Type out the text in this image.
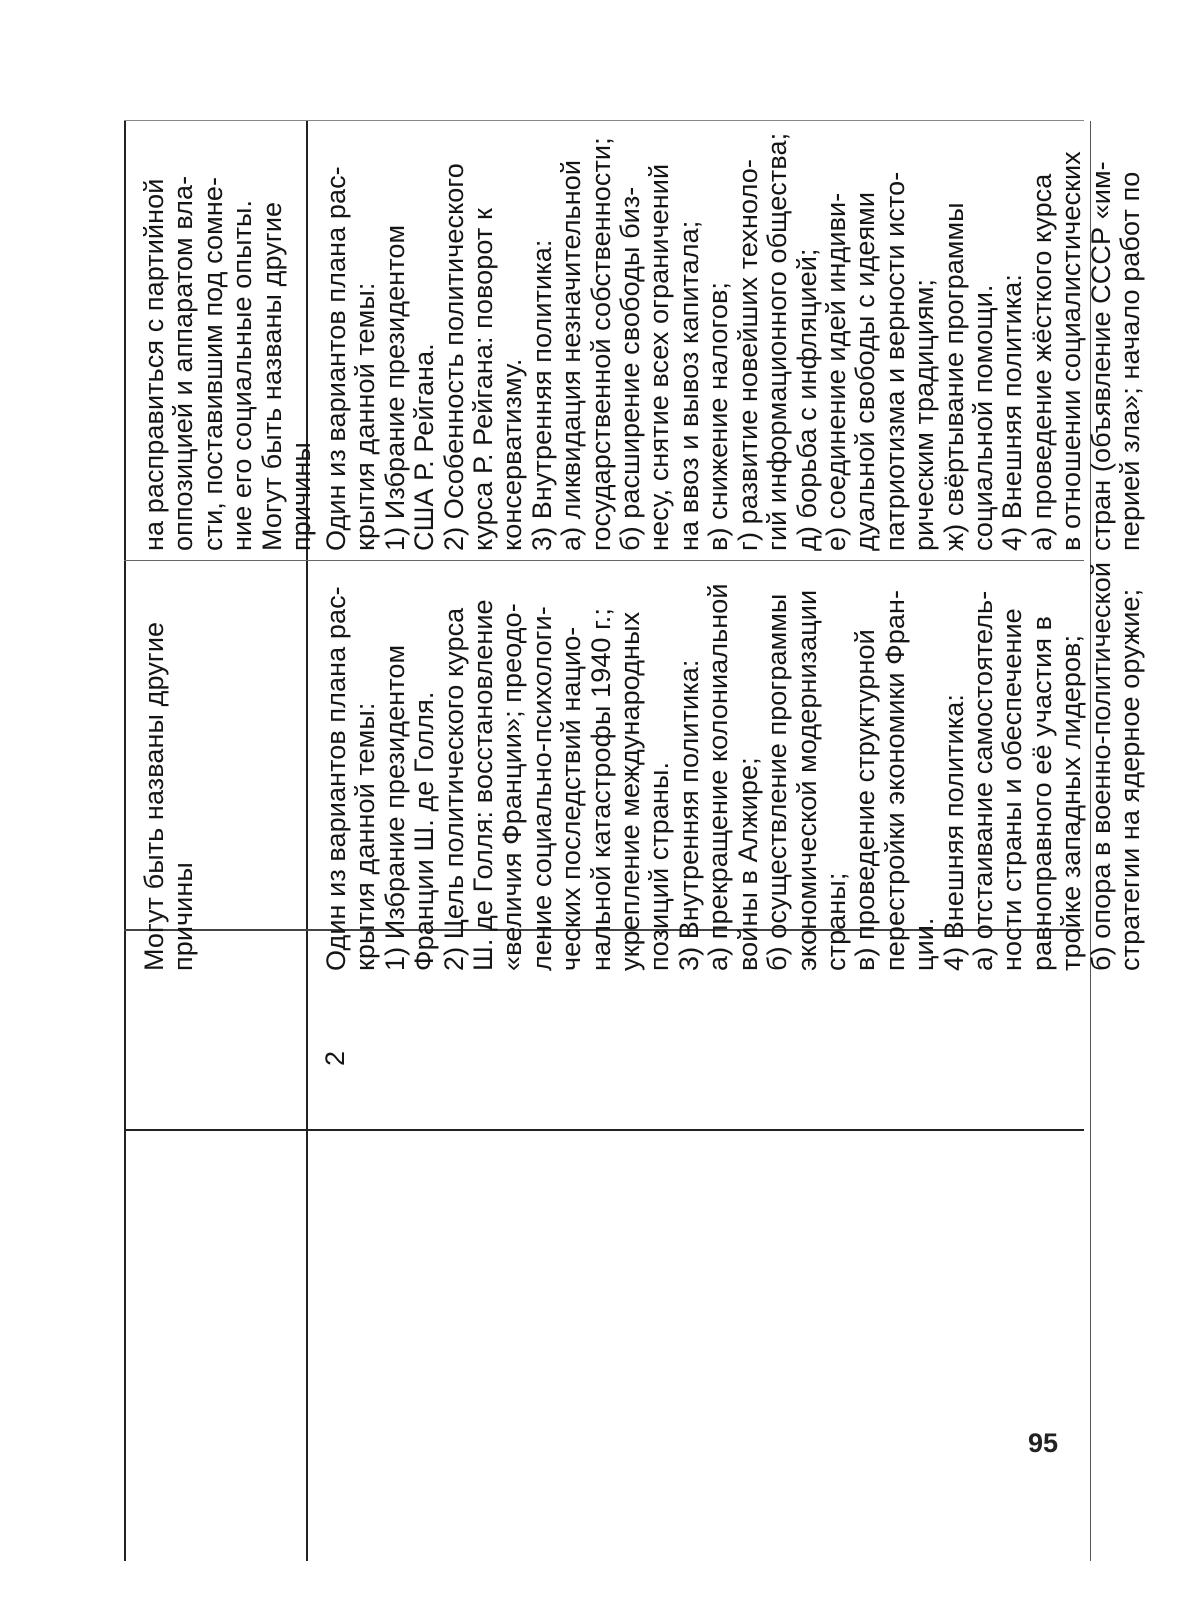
Могут быть названы другие
причины

на расправиться с партийной
оппозицией и аппаратом вла-
сти, поставившим под сомне-
ние его социальные опыты.
Могут быть названы другие
причины

2

Один из вариантов плана рас-
крытия данной темы:
1) Избрание президентом
Франции Ш. де Голля.
2) Цель политического курса
Ш. де Голля: восстановление
«величия Франции»; преодо-
ление социально-психологи-
ческих последствий нацио-
нальной катастрофы 1940 г.;
укрепление международных
позиций страны.
3) Внутренняя политика:
а) прекращение колониальной
войны в Алжире;
б) осуществление программы
экономической модернизации
страны;
в) проведение структурной
перестройки экономики Фран-
ции.
4) Внешняя политика:
а) отстаивание самостоятель-
ности страны и обеспечение
равноправного её участия в
тройке западных лидеров;
б) опора в военно-политической
стратегии на ядерное оружие;

Один из вариантов плана рас-
крытия данной темы:
1) Избрание президентом
США Р. Рейгана.
2) Особенность политического
курса Р. Рейгана: поворот к
консерватизму.
3) Внутренняя политика:
а) ликвидация незначительной
государственной собственности;
б) расширение свободы биз-
несу, снятие всех ограничений
на ввоз и вывоз капитала;
в) снижение налогов;
г) развитие новейших техноло-
гий информационного общества;
д) борьба с инфляцией;
е) соединение идей индиви-
дуальной свободы с идеями
патриотизма и верности исто-
рическим традициям;
ж) свёртывание программы
социальной помощи.
4) Внешняя политика:
а) проведение жёсткого курса
в отношении социалистических
стран (объявление СССР «им-
перией зла»; начало работ по

95
